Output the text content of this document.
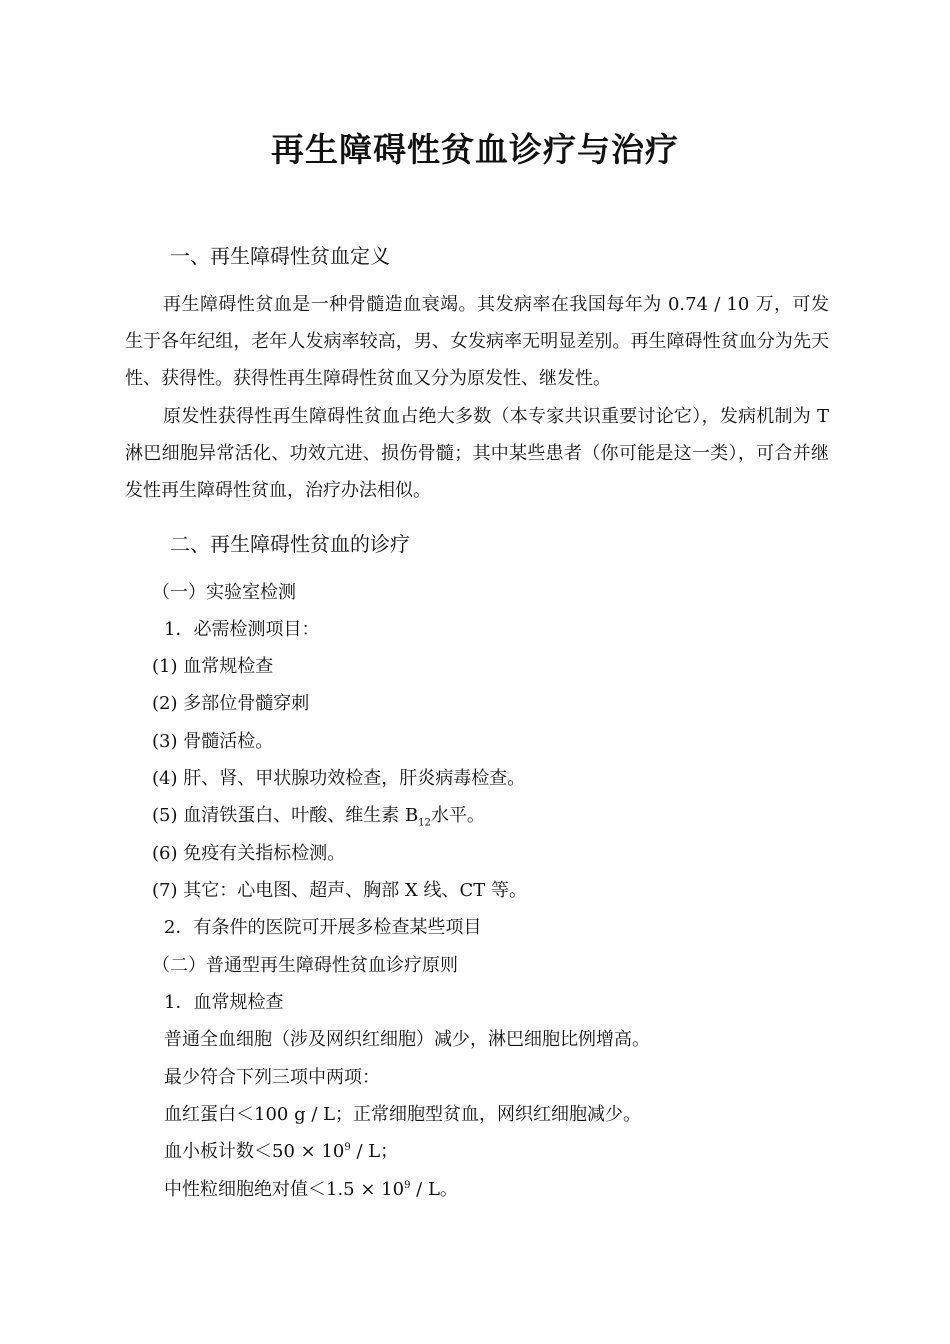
再生障碍性贫血诊疗与治疗
一、再生障碍性贫血定义
再生障碍性贫血是一种骨髓造血衰竭。其发病率在我国每年为 0.74 / 10 万，可发生于各年纪组，老年人发病率较高，男、女发病率无明显差别。再生障碍性贫血分为先天性、获得性。获得性再生障碍性贫血又分为原发性、继发性。
原发性获得性再生障碍性贫血占绝大多数（本专家共识重要讨论它），发病机制为 T 淋巴细胞异常活化、功效亢进、损伤骨髓；其中某些患者（你可能是这一类），可合并继发性再生障碍性贫血，治疗办法相似。
二、再生障碍性贫血的诊疗
（一）实验室检测
1．必需检测项目：
(1) 血常规检查
(2) 多部位骨髓穿刺
(3) 骨髓活检。
(4) 肝、肾、甲状腺功效检查，肝炎病毒检查。
(5) 血清铁蛋白、叶酸、维生素 $B_{12}$水平。
(6) 免疫有关指标检测。
(7) 其它：心电图、超声、胸部 X 线、CT 等。
2．有条件的医院可开展多检查某些项目
（二）普通型再生障碍性贫血诊疗原则
1．血常规检查
普通全血细胞（涉及网织红细胞）减少，淋巴细胞比例增高。
最少符合下列三项中两项：
血红蛋白＜100 g / L；正常细胞型贫血，网织红细胞减少。
血小板计数$<50 \times 10^9 / L$；
中性粒细胞绝对值$<1.5 \times 10^9 / L$。
